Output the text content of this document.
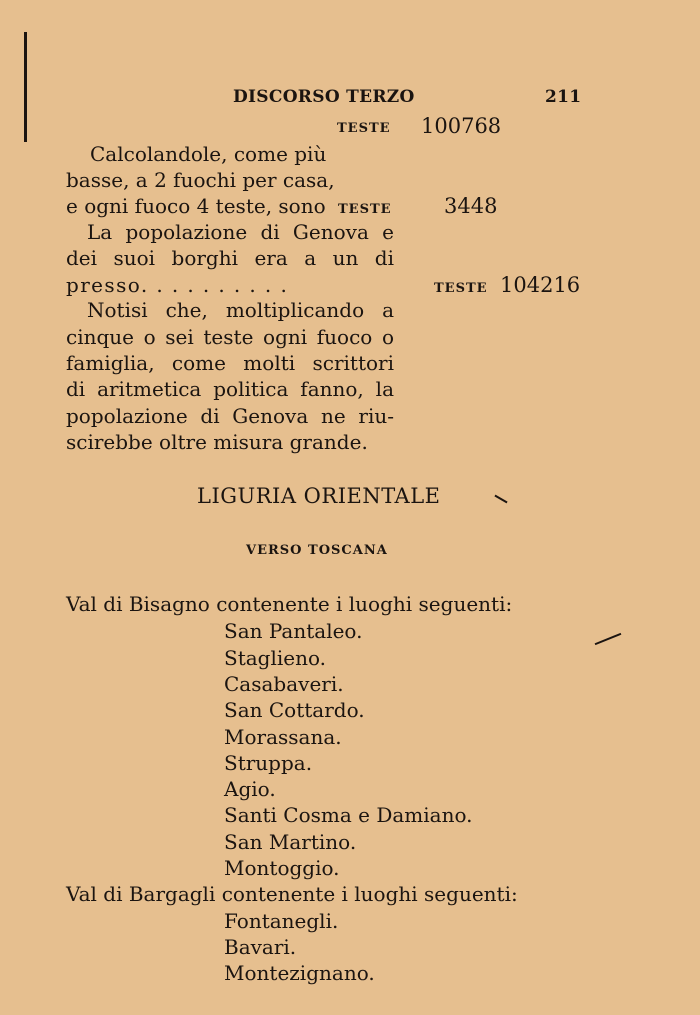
DISCORSO TERZO	211
TESTE 100768
Calcolandole, come più
basse, a 2 fuochi per casa,
e ogni fuoco 4 teste, sono TESTE 3448
La popolazione di Genova e
dei suoi borghi era a un di
presso. . . . . . . . . .	TESTE 104216
Notisi che, moltiplicando a
cinque o sei teste ogni fuoco o
famiglia, come molti scrittori
di aritmetica politica fanno, la
popolazione di Genova ne riu-
scirebbe oltre misura grande.
LIGURIA ORIENTALE
VERSO TOSCANA
Val di Bisagno contenente i luoghi seguenti:
San Pantaleo.
Staglieno.
Casabaveri.
San Cottardo.
Morassana.
Struppa.
Agio.
Santi Cosma e Damiano.
San Martino.
Montoggio.
Val di Bargagli contenente i luoghi seguenti:
Fontanegli.
Bavari.
Montezignano.
